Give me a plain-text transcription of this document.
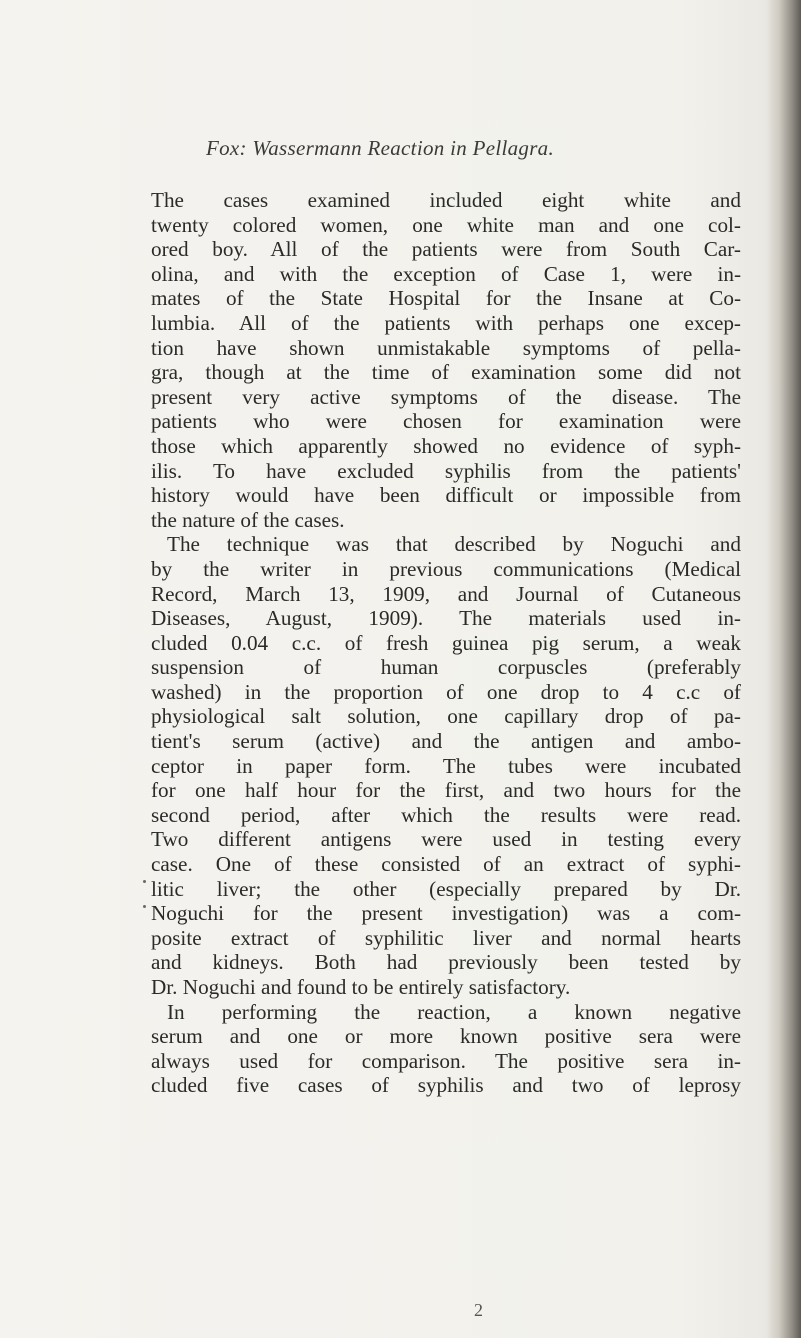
Fox: Wassermann Reaction in Pellagra.
The cases examined included eight white and
twenty colored women, one white man and one col-
ored boy. All of the patients were from South Car-
olina, and with the exception of Case 1, were in-
mates of the State Hospital for the Insane at Co-
lumbia. All of the patients with perhaps one excep-
tion have shown unmistakable symptoms of pella-
gra, though at the time of examination some did not
present very active symptoms of the disease. The
patients who were chosen for examination were
those which apparently showed no evidence of syph-
ilis. To have excluded syphilis from the patients'
history would have been difficult or impossible from
the nature of the cases.
The technique was that described by Noguchi and
by the writer in previous communications (Medical
Record, March 13, 1909, and Journal of Cutaneous
Diseases, August, 1909). The materials used in-
cluded 0.04 c.c. of fresh guinea pig serum, a weak
suspension of human corpuscles (preferably
washed) in the proportion of one drop to 4 c.c of
physiological salt solution, one capillary drop of pa-
tient's serum (active) and the antigen and ambo-
ceptor in paper form. The tubes were incubated
for one half hour for the first, and two hours for the
second period, after which the results were read.
Two different antigens were used in testing every
case. One of these consisted of an extract of syphi-
litic liver; the other (especially prepared by Dr.
Noguchi for the present investigation) was a com-
posite extract of syphilitic liver and normal hearts
and kidneys. Both had previously been tested by
Dr. Noguchi and found to be entirely satisfactory.
In performing the reaction, a known negative
serum and one or more known positive sera were
always used for comparison. The positive sera in-
cluded five cases of syphilis and two of leprosy
2
